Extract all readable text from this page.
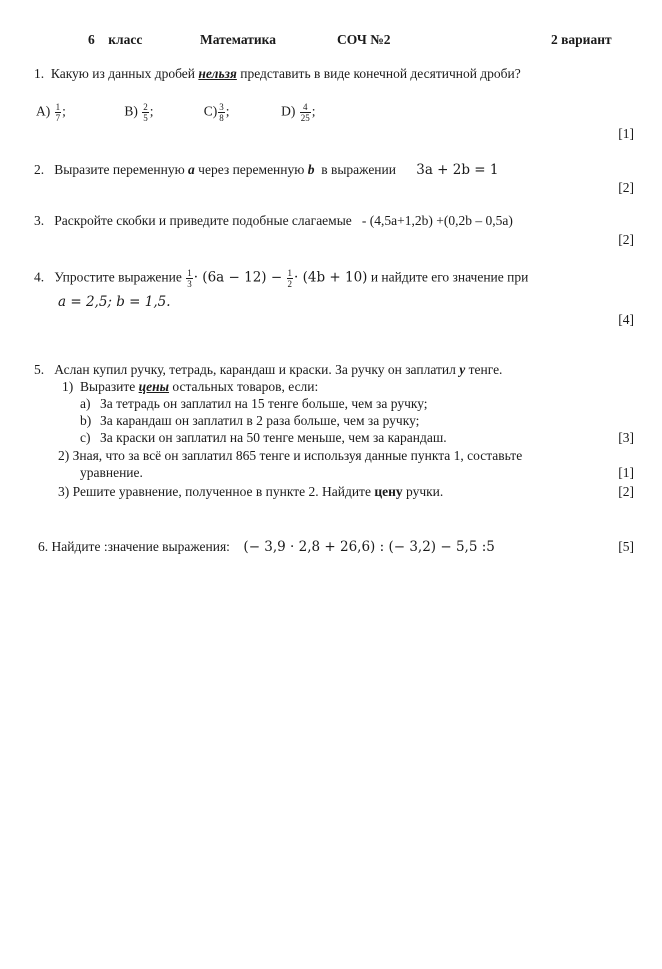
6 класс	Математика	СОЧ №2	2 вариант
1. Какую из данных дробей нельзя представить в виде конечной десятичной дроби?
$А) \frac{1}{7}$ ;	$В) \frac{2}{5}$ ;	$С) \frac{3}{8}$ ;	$D) \frac{4}{25}$ ;
[1]
2. Выразите переменную a через переменную b в выражении 3a + 2b = 1
[2]
3. Раскройте скобки и приведите подобные слагаемые - (4,5a+1,2b) +(0,2b – 0,5a)
[2]
4. Упростите выражение $\frac{1}{3} \cdot (6a - 12) - \frac{1}{2} \cdot (4b + 10)$ и найдите его значение при
a = 2,5; b = 1,5.
[4]
5. Аслан купил ручку, тетрадь, карандаш и краски. За ручку он заплатил у тенге.
1) Выразите цены остальных товаров, если:
а) За тетрадь он заплатил на 15 тенге больше, чем за ручку;
b) За карандаш он заплатил в 2 раза больше, чем за ручку;
c) За краски он заплатил на 50 тенге меньше, чем за карандаш.	[3]
2) Зная, что за всё он заплатил 865 тенге и используя данные пункта 1, составьте
уравнение.	[1]
3) Решите уравнение, полученное в пункте 2. Найдите цену ручки.	[2]
6. Найдите :значение выражения: (− 3,9 · 2,8 + 26,6) : (− 3,2) − 5,5 :5	[5]
